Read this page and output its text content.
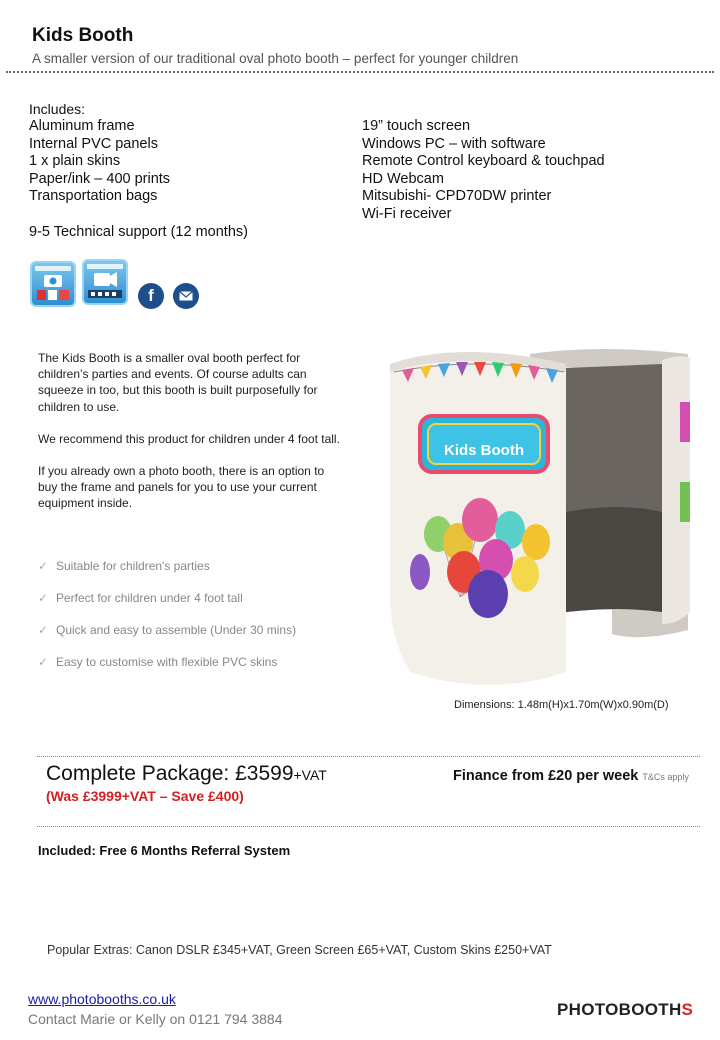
Kids Booth
A smaller version of our traditional oval photo booth – perfect for younger children
Includes:
Aluminum frame
Internal PVC panels
1 x plain skins
Paper/ink – 400 prints
Transportation bags
19” touch screen
Windows PC – with software
Remote Control keyboard & touchpad
HD Webcam
Mitsubishi- CPD70DW printer
Wi-Fi receiver
9-5 Technical support (12 months)
f

The Kids Booth is a smaller oval booth perfect for children’s parties and events. Of course adults can squeeze in too, but this booth is built purposefully for children to use.

We recommend this product for children under 4 foot tall.

If you already own a photo booth, there is an option to buy the frame and panels for you to use your current equipment inside.

✓ Suitable for children's parties
✓ Perfect for children under 4 foot tall
✓ Quick and easy to assemble (Under 30 mins)
✓ Easy to customise with flexible PVC skins
Kids Booth
Dimensions: 1.48m(H)x1.70m(W)x0.90m(D)
Complete Package: £3599+VAT
(Was £3999+VAT – Save £400)
Finance from £20 per week T&Cs apply
Included: Free 6 Months Referral System
Popular Extras: Canon DSLR £345+VAT, Green Screen £65+VAT, Custom Skins £250+VAT
www.photobooths.co.uk
Contact Marie or Kelly on 0121 794 3884	PHOTOBOOTHS
